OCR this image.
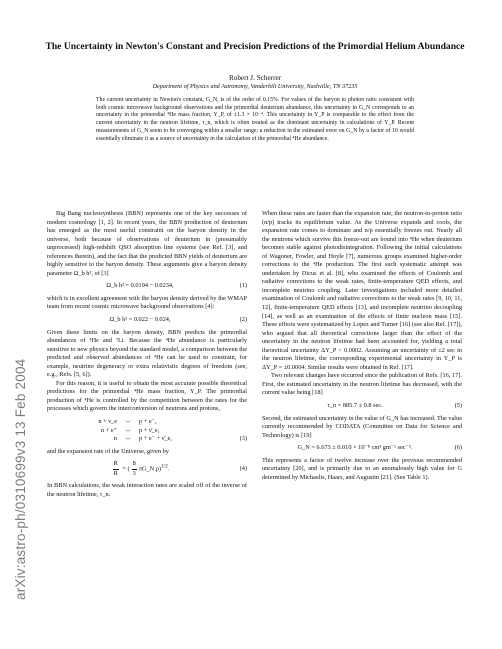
arXiv:astro-ph/0310699v3 13 Feb 2004
The Uncertainty in Newton's Constant and Precision Predictions of the Primordial Helium Abundance
Robert J. Scherrer
Department of Physics and Astronomy, Vanderbilt University, Nashville, TN 37235
The current uncertainty in Newton's constant, G_N, is of the order of 0.15%. For values of the baryon to photon ratio consistent with both cosmic microwave background observations and the primordial deuterium abundance, this uncertainty in G_N corresponds to an uncertainty in the primordial ⁴He mass fraction, Y_P, of ±1.3 × 10⁻⁴. This uncertainty in Y_P is comparable to the effect from the current uncertainty in the neutron lifetime, τ_n, which is often treated as the dominant uncertainty in calculations of Y_P. Recent measurements of G_N seem to be converging within a smaller range; a reduction in the estimated error on G_N by a factor of 10 would essentially eliminate it as a source of uncertainty in the calculation of the primordial ⁴He abundance.

Big Bang nucleosynthesis (BBN) represents one of the key successes of modern cosmology [1, 2]. In recent years, the BBN production of deuterium has emerged as the most useful constraint on the baryon density in the universe, both because of observations of deuterium in (presumably unprocessed) high-redshift QSO absorption line systems (see Ref. [3], and references therein), and the fact that the predicted BBN yields of deuterium are highly sensitive to the baryon density. These arguments give a baryon density parameter Ω_b h², of [3]

Ω_b h² = 0.0194 − 0.0234,	(1)

which is in excellent agreement with the baryon density derived by the WMAP team from recent cosmic microwave background observations [4]:

Ω_b h² = 0.022 − 0.024,	(2)

Given these limits on the baryon density, BBN predicts the primordial abundances of ⁴He and ⁷Li. Because the ⁴He abundance is particularly sensitive to new physics beyond the standard model, a comparison between the predicted and observed abundances of ⁴He can be used to constrain, for example, neutrino degeneracy or extra relativistic degrees of freedom (see, e.g., Refs. [5, 6]).

For this reason, it is useful to obtain the most accurate possible theoretical predictions for the primordial ⁴He mass fraction, Y_P. The primordial production of ⁴He is controlled by the competition between the rates for the processes which govern the interconversion of neutrons and protons,

n + ν_e	↔	p + e⁻,
n + e⁺	↔	p + ν̄_e,
n	↔	p + e⁻ + ν̄_e,	(3)

and the expansion rate of the Universe, given by

$\frac{\text{Ṙ}}{R}$ = ( $\frac{8}{3}$ πG_N ρ)$^{1/2}$.	(4)

In BBN calculations, the weak interaction rates are scaled off of the inverse of the neutron lifetime, τ_n.

When these rates are faster than the expansion rate, the neutron-to-proton ratio (n/p) tracks its equilibrium value. As the Universe expands and cools, the expansion rate comes to dominate and n/p essentially freezes out. Nearly all the neutrons which survive this freeze-out are bound into ⁴He when deuterium becomes stable against photodisintegration. Following the initial calculations of Wagoner, Fowler, and Hoyle [7], numerous groups examined higher-order corrections to the ⁴He production. The first such systematic attempt was undertaken by Dicus et al. [8], who examined the effects of Coulomb and radiative corrections to the weak rates, finite-temperature QED effects, and incomplete neutrino coupling. Later investigations included more detailed examination of Coulomb and radiative corrections to the weak rates [9, 10, 11, 12], finite-temperature QED effects [13], and incomplete neutrino decoupling [14], as well as an examination of the effects of finite nucleon mass [15]. These effects were systematized by Lopez and Turner [16] (see also Ref. [17]), who argued that all theoretical corrections larger than the effect of the uncertainty in the neutron lifetime had been accounted for, yielding a total theoretical uncertainty ΔY_P < 0.0002. Assuming an uncertainty of ±2 sec in the neutron lifetime, the corresponding experimental uncertainty in Y_P is ΔY_P = ±0.0004. Similar results were obtained in Ref. [17].

Two relevant changes have occurred since the publication of Refs. [16, 17]. First, the estimated uncertainty in the neutron lifetime has decreased, with the current value being [18]

τ_n = 885.7 ± 0.8 sec.	(5)

Second, the estimated uncertainty in the value of G_N has increased. The value currently recommended by CODATA (Committee on Data for Science and Technology) is [19]

G_N = 6.673 ± 0.010 × 10⁻⁸ cm³ gm⁻¹ sec⁻².	(6)

This represents a factor of twelve increase over the previous recommended uncertainty [20], and is primarily due to an anomalously high value for G determined by Michaelis, Haars, and Augustin [21]. (See Table 1).
